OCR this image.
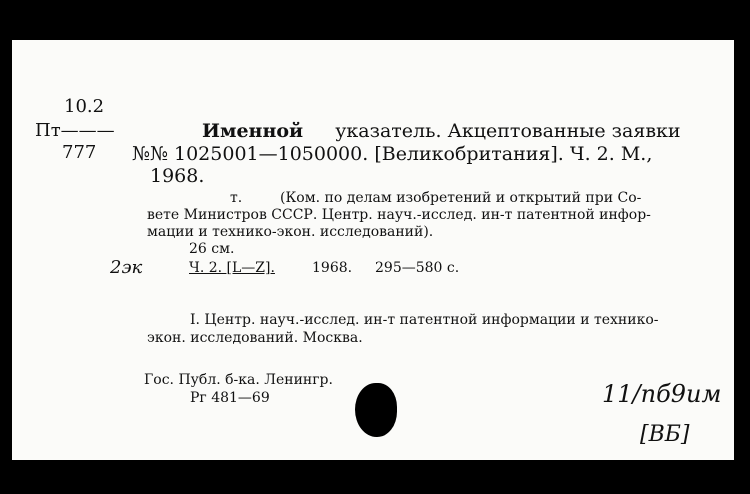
10.2
Пт———
777
Именной указатель. Акцептованные заявки
№№ 1025001—1050000. [Великобритания]. Ч. 2. М.,
1968.
т.	(Ком. по делам изобретений и открытий при Со-
вете Министров СССР. Центр. науч.-исслед. ин-т патентной инфор-
мации и технико-экон. исследований).
26 см.
Ч. 2. [L—Z].	1968. 295—580 с.
2эк
I. Центр. науч.-исслед. ин-т патентной информации и технико-
экон. исследований. Москва.
Гос. Публ. б-ка. Ленингр.
Рг 481—69	11/пб9им
[ВБ]
